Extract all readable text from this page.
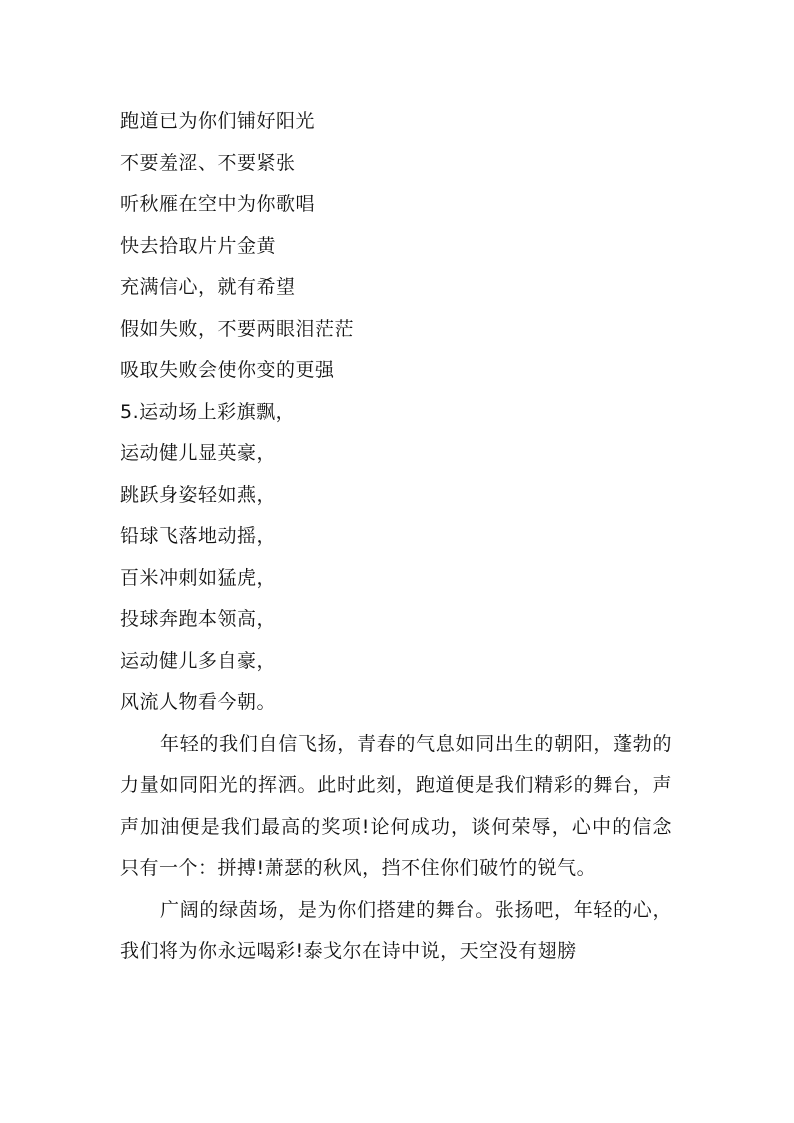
跑道已为你们铺好阳光
不要羞涩、不要紧张
听秋雁在空中为你歌唱
快去拾取片片金黄
充满信心，就有希望
假如失败，不要两眼泪茫茫
吸取失败会使你变的更强
5.运动场上彩旗飘，
运动健儿显英豪，
跳跃身姿轻如燕，
铅球飞落地动摇，
百米冲刺如猛虎，
投球奔跑本领高，
运动健儿多自豪，
风流人物看今朝。

年轻的我们自信飞扬，青春的气息如同出生的朝阳，蓬勃的力量如同阳光的挥洒。此时此刻，跑道便是我们精彩的舞台，声声加油便是我们最高的奖项!论何成功，谈何荣辱，心中的信念只有一个：拼搏!萧瑟的秋风，挡不住你们破竹的锐气。

广阔的绿茵场，是为你们搭建的舞台。张扬吧，年轻的心，我们将为你永远喝彩!泰戈尔在诗中说，天空没有翅膀
